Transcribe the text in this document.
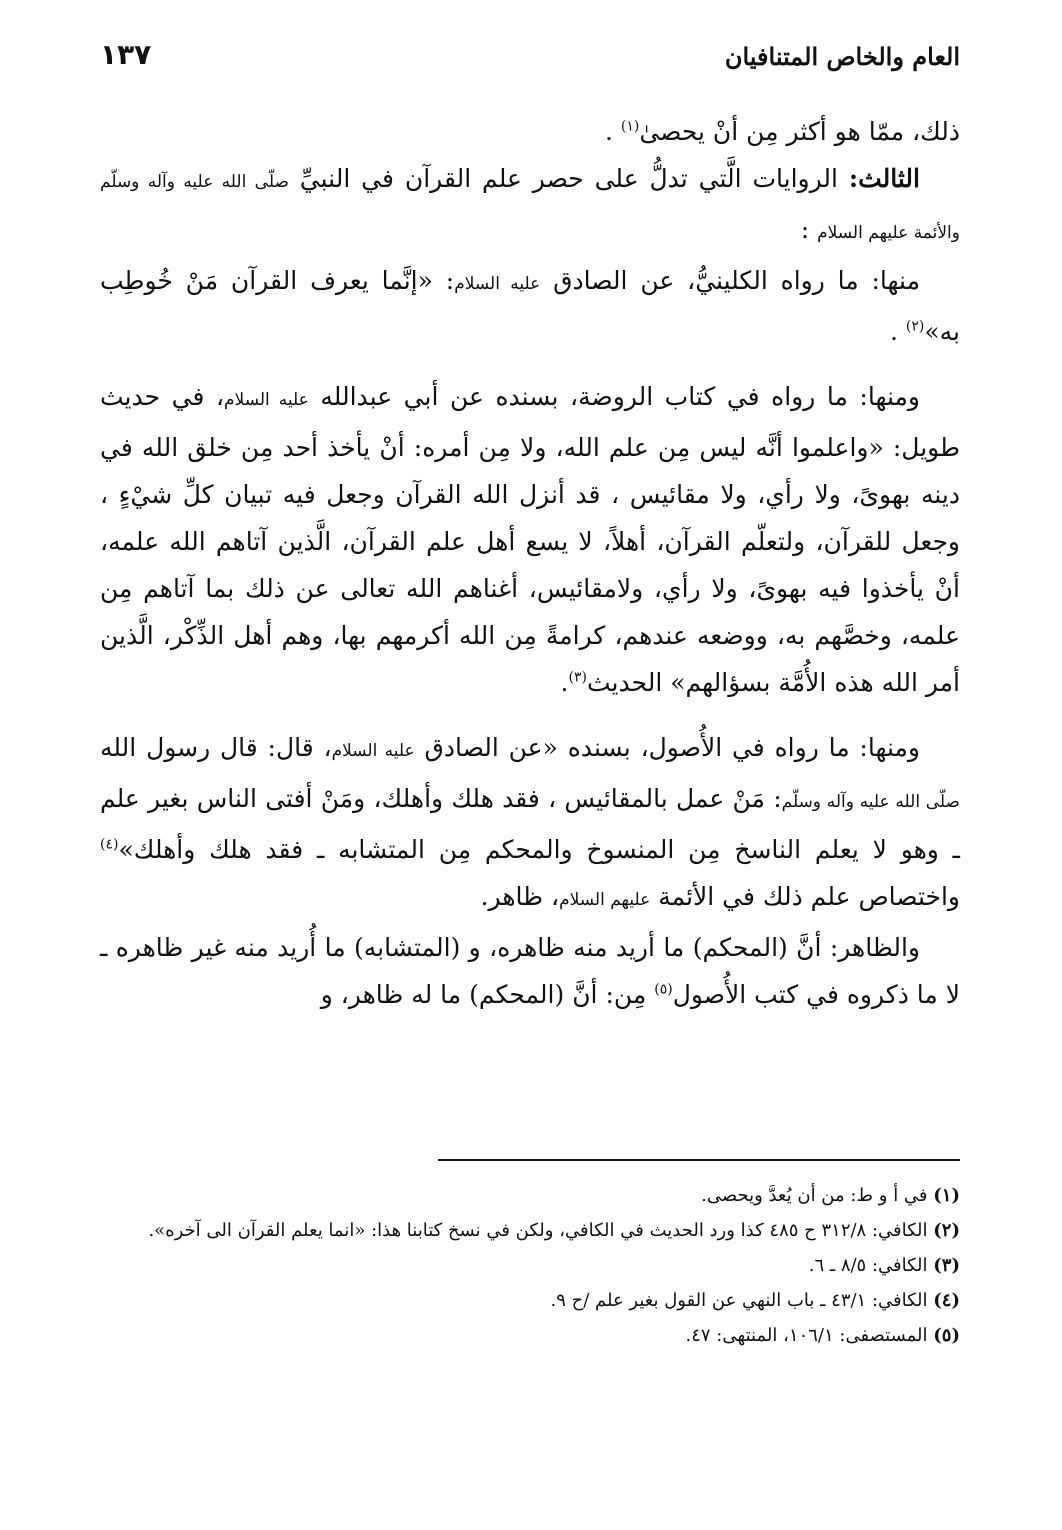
١٣٧	العام والخاص المتنافيان

ذلك، ممّا هو أكثر مِن أنْ يحصىٰ$^{(١)}$ .

الثالث: الروايات الَّتي تدلُّ على حصر علم القرآن في النبيِّ صلّى الله عليه وآله وسلّم والأئمة عليهم السلام :

منها: ما رواه الكلينيُّ، عن الصادق عليه السلام: «إنَّما يعرف القرآن مَنْ خُوطِب به»$^{(٢)}$ .

ومنها: ما رواه في كتاب الروضة، بسنده عن أبي عبدالله عليه السلام، في حديث طويل: «واعلموا أنَّه ليس مِن علم الله، ولا مِن أمره: أنْ يأخذ أحد مِن خلق الله في دينه بهوىً، ولا رأي، ولا مقائيس ، قد أنزل الله القرآن وجعل فيه تبيان كلِّ شيْءٍ ، وجعل للقرآن، ولتعلّم القرآن، أهلاً، لا يسع أهل علم القرآن، الَّذين آتاهم الله علمه، أنْ يأخذوا فيه بهوىً، ولا رأي، ولامقائيس، أغناهم الله تعالى عن ذلك بما آتاهم مِن علمه، وخصَّهم به، ووضعه عندهم، كرامةً مِن الله أكرمهم بها، وهم أهل الذِّكْر، الَّذين أمر الله هذه الأُمَّة بسؤالهم» الحديث$^{(٣)}$.

ومنها: ما رواه في الأُصول، بسنده «عن الصادق عليه السلام، قال: قال رسول الله صلّى الله عليه وآله وسلّم: مَنْ عمل بالمقائيس ، فقد هلك وأهلك، ومَنْ أفتى الناس بغير علم ـ وهو لا يعلم الناسخ مِن المنسوخ والمحكم مِن المتشابه ـ فقد هلك وأهلك»$^{(٤)}$ واختصاص علم ذلك في الأئمة عليهم السلام، ظاهر.

والظاهر: أنَّ (المحكم) ما أريد منه ظاهره، و (المتشابه) ما أُريد منه غير ظاهره ـ لا ما ذكروه في كتب الأُصول$^{(٥)}$ مِن: أنَّ (المحكم) ما له ظاهر، و

(١) في أ و ط: من أن يُعدَّ ويحصى.

(٢) الكافي: ٣١٢/٨ ح ٤٨٥ كذا ورد الحديث في الكافي، ولكن في نسخ كتابنا هذا: «انما يعلم القرآن الى آخره».

(٣) الكافي: ٨/٥ ـ ٦.

(٤) الكافي: ٤٣/١ ـ باب النهي عن القول بغير علم /ح ٩.

(٥) المستصفى: ١٠٦/١، المنتهى: ٤٧.
